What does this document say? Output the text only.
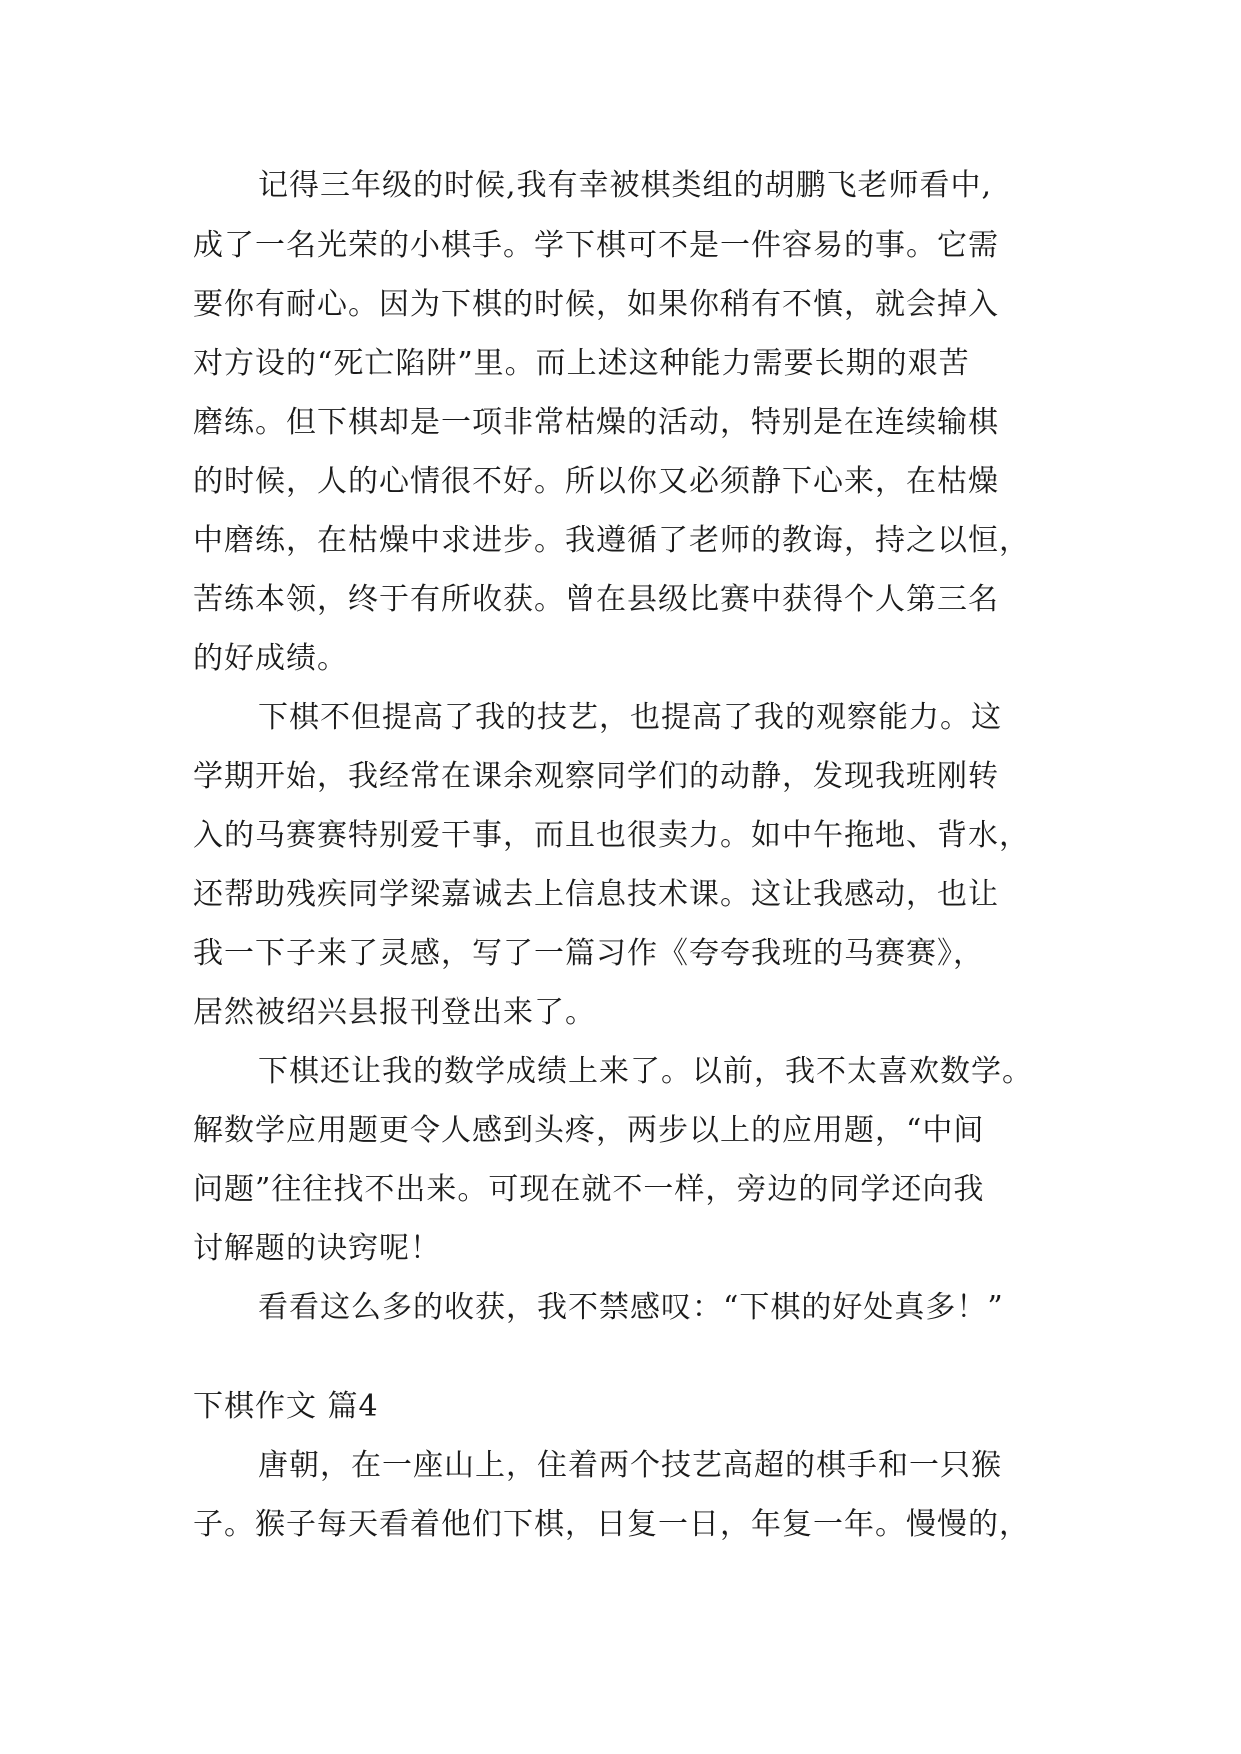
记得三年级的时候,我有幸被棋类组的胡鹏飞老师看中,
成了一名光荣的小棋手。学下棋可不是一件容易的事。它需
要你有耐心。因为下棋的时候，如果你稍有不慎，就会掉入
对方设的“死亡陷阱”里。而上述这种能力需要长期的艰苦
磨练。但下棋却是一项非常枯燥的活动，特别是在连续输棋
的时候，人的心情很不好。所以你又必须静下心来，在枯燥
中磨练，在枯燥中求进步。我遵循了老师的教诲，持之以恒，
苦练本领，终于有所收获。曾在县级比赛中获得个人第三名
的好成绩。
下棋不但提高了我的技艺，也提高了我的观察能力。这
学期开始，我经常在课余观察同学们的动静，发现我班刚转
入的马赛赛特别爱干事，而且也很卖力。如中午拖地、背水，
还帮助残疾同学梁嘉诚去上信息技术课。这让我感动，也让
我一下子来了灵感，写了一篇习作《夸夸我班的马赛赛》，
居然被绍兴县报刊登出来了。
下棋还让我的数学成绩上来了。以前，我不太喜欢数学。
解数学应用题更令人感到头疼，两步以上的应用题，“中间
问题”往往找不出来。可现在就不一样，旁边的同学还向我
讨解题的诀窍呢！
看看这么多的收获，我不禁感叹：“下棋的好处真多！”
下棋作文 篇4
唐朝，在一座山上，住着两个技艺高超的棋手和一只猴
子。猴子每天看着他们下棋，日复一日，年复一年。慢慢的，
